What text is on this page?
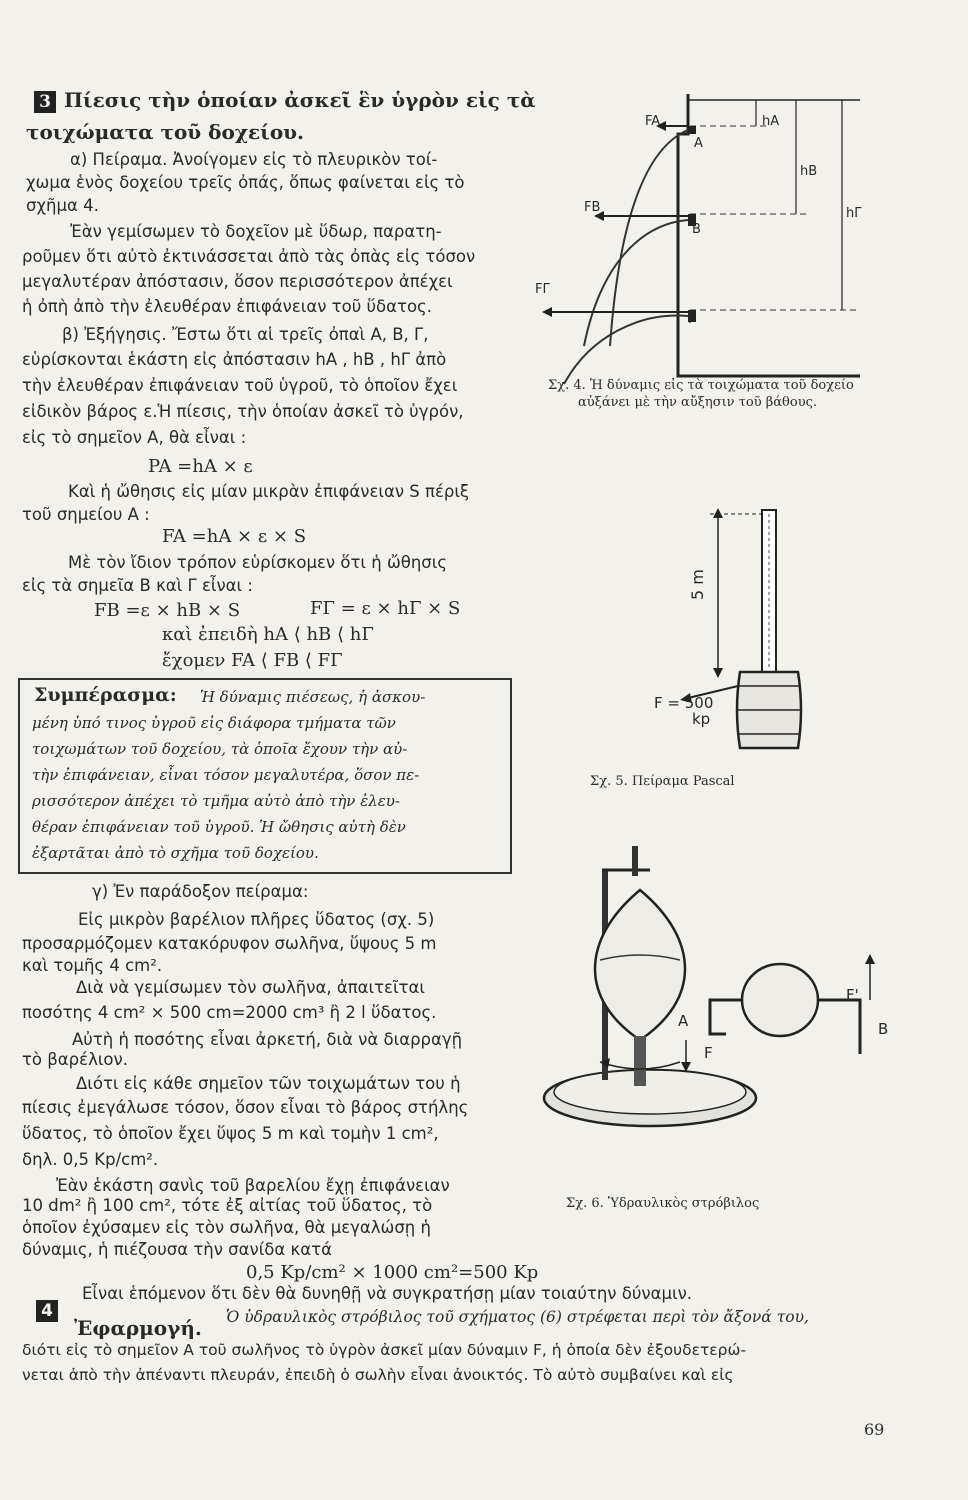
3 Πίεσις τὴν ὁποίαν ἀσκεῖ ἓν ὑγρὸν εἰς τὰ
τοιχώματα τοῦ δοχείου.
α) Πείραμα. Ἀνοίγομεν εἰς τὸ πλευρικὸν τοί-
χωμα ἑνὸς δοχείου τρεῖς ὀπάς, ὅπως φαίνεται εἰς τὸ
σχῆμα 4.
Ἐὰν γεμίσωμεν τὸ δοχεῖον μὲ ὕδωρ, παρατη-
ροῦμεν ὅτι αὐτὸ ἐκτινάσσεται ἀπὸ τὰς ὀπὰς εἰς τόσον
μεγαλυτέραν ἀπόστασιν, ὅσον περισσότερον ἀπέχει
ἡ ὀπὴ ἀπὸ τὴν ἐλευθέραν ἐπιφάνειαν τοῦ ὕδατος.
β) Ἐξήγησις. Ἔστω ὅτι αἱ τρεῖς ὀπαὶ Α, Β, Γ,
εὑρίσκονται ἑκάστη εἰς ἀπόστασιν hA , hB , hΓ ἀπὸ
τὴν ἐλευθέραν ἐπιφάνειαν τοῦ ὑγροῦ, τὸ ὁποῖον ἔχει
εἰδικὸν βάρος ε.Ἡ πίεσις, τὴν ὁποίαν ἀσκεῖ τὸ ὑγρόν,
εἰς τὸ σημεῖον Α, θὰ εἶναι :
PA =hA × ε
Καὶ ἡ ὤθησις εἰς μίαν μικρὰν ἐπιφάνειαν S πέριξ
τοῦ σημείου Α :
FA =hA × ε × S
Μὲ τὸν ἴδιον τρόπον εὑρίσκομεν ὅτι ἡ ὤθησις
εἰς τὰ σημεῖα Β καὶ Γ εἶναι :
FB =ε × hB × S	FΓ = ε × hΓ × S
καὶ ἐπειδὴ hA ⟨ hB ⟨ hΓ
ἔχομεν FA ⟨ FB ⟨ FΓ
Συμπέρασμα: Ἡ δύναμις πιέσεως, ἡ ἀσκου-
μένη ὑπό τινος ὑγροῦ εἰς διάφορα τμήματα τῶν
τοιχωμάτων τοῦ δοχείου, τὰ ὁποῖα ἔχουν τὴν αὐ-
τὴν ἐπιφάνειαν, εἶναι τόσον μεγαλυτέρα, ὅσον πε-
ρισσότερον ἀπέχει τὸ τμῆμα αὐτὸ ἀπὸ τὴν ἐλευ-
θέραν ἐπιφάνειαν τοῦ ὑγροῦ. Ἡ ὤθησις αὐτὴ δὲν
ἐξαρτᾶται ἀπὸ τὸ σχῆμα τοῦ δοχείου.
γ) Ἐν παράδοξον πείραμα:
Εἰς μικρὸν βαρέλιον πλῆρες ὕδατος (σχ. 5)
προσαρμόζομεν κατακόρυφον σωλῆνα, ὕψους 5 m
καὶ τομῆς 4 cm².
Διὰ νὰ γεμίσωμεν τὸν σωλῆνα, ἀπαιτεῖται
ποσότης 4 cm² × 500 cm=2000 cm³ ἢ 2 l ὕδατος.
Αὐτὴ ἡ ποσότης εἶναι ἀρκετή, διὰ νὰ διαρραγῇ
τὸ βαρέλιον.
Διότι εἰς κάθε σημεῖον τῶν τοιχωμάτων του ἡ
πίεσις ἐμεγάλωσε τόσον, ὅσον εἶναι τὸ βάρος στήλης
ὕδατος, τὸ ὁποῖον ἔχει ὕψος 5 m καὶ τομὴν 1 cm²,
δηλ. 0,5 Kp/cm².
Ἐὰν ἑκάστη σανὶς τοῦ βαρελίου ἔχῃ ἐπιφάνειαν
10 dm² ἢ 100 cm², τότε ἐξ αἰτίας τοῦ ὕδατος, τὸ
ὁποῖον ἐχύσαμεν εἰς τὸν σωλῆνα, θὰ μεγαλώσῃ ἡ
δύναμις, ἡ πιέζουσα τὴν σανίδα κατά
0,5 Kp/cm² × 1000 cm²=500 Kp
Εἶναι ἑπόμενον ὅτι δὲν θὰ δυνηθῇ νὰ συγκρατήσῃ μίαν τοιαύτην δύναμιν.
4
Ἐφαρμογή. Ὁ ὑδραυλικὸς στρόβιλος τοῦ σχήματος (6) στρέφεται περὶ τὸν ἄξονά του,
διότι εἰς τὸ σημεῖον Α τοῦ σωλῆνος τὸ ὑγρὸν ἀσκεῖ μίαν δύναμιν F, ἡ ὁποία δὲν ἐξουδετερώ-
νεται ἀπὸ τὴν ἀπέναντι πλευράν, ἐπειδὴ ὁ σωλὴν εἶναι ἀνοικτός. Τὸ αὐτὸ συμβαίνει καὶ εἰς
FA
A
hA
hB
hΓ
FB
B
FΓ
Γ
Σχ. 4. Ἡ δύναμις εἰς τὰ τοιχώματα τοῦ δοχείο
αὐξάνει μὲ τὴν αὔξησιν τοῦ βάθους.
5 m
F = 500
kp
Σχ. 5. Πείραμα Pascal
A
F
F'
B
Σχ. 6. Ὑδραυλικὸς στρόβιλος
69
